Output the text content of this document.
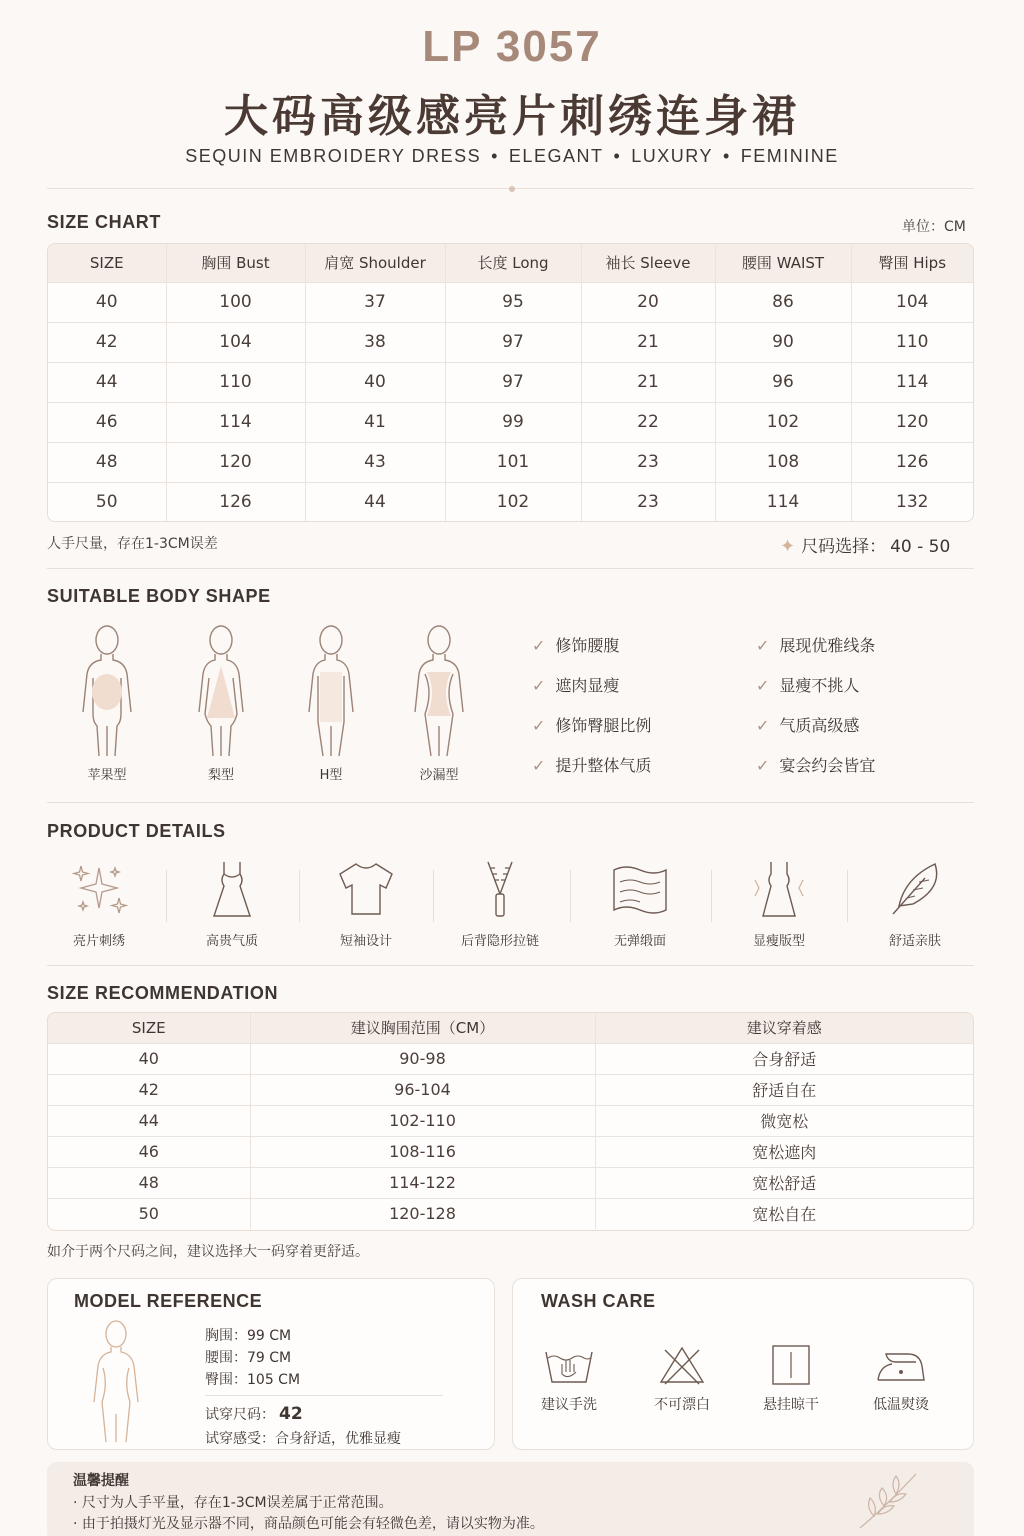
LP 3057
大码高级感亮片刺绣连身裙
SEQUIN EMBROIDERY DRESS • ELEGANT • LUXURY • FEMININE
SIZE CHART	单位：CM
SIZE	胸围 Bust	肩宽 Shoulder	长度 Long	袖长 Sleeve	腰围 WAIST	臀围 Hips
40	100	37	95	20	86	104
42	104	38	97	21	90	110
44	110	40	97	21	96	114
46	114	41	99	22	102	120
48	120	43	101	23	108	126
50	126	44	102	23	114	132
人手尺量，存在1-3CM误差	✦ 尺码选择： 40 - 50
SUITABLE BODY SHAPE
苹果型	梨型	H型	沙漏型
✓ 修饰腰腹	✓ 展现优雅线条
✓ 遮肉显瘦	✓ 显瘦不挑人
✓ 修饰臀腿比例	✓ 气质高级感
✓ 提升整体气质	✓ 宴会约会皆宜
PRODUCT DETAILS
亮片刺绣	高贵气质	短袖设计	后背隐形拉链	无弹缎面	显瘦版型	舒适亲肤
SIZE RECOMMENDATION
SIZE	建议胸围范围（CM）	建议穿着感
40	90-98	合身舒适
42	96-104	舒适自在
44	102-110	微宽松
46	108-116	宽松遮肉
48	114-122	宽松舒适
50	120-128	宽松自在
如介于两个尺码之间，建议选择大一码穿着更舒适。
MODEL REFERENCE
胸围：99 CM
腰围：79 CM
臀围：105 CM
试穿尺码： 42
试穿感受：合身舒适，优雅显瘦
WASH CARE
建议手洗	不可漂白	悬挂晾干	低温熨烫
温馨提醒
· 尺寸为人手平量，存在1-3CM误差属于正常范围。
· 由于拍摄灯光及显示器不同，商品颜色可能会有轻微色差，请以实物为准。
